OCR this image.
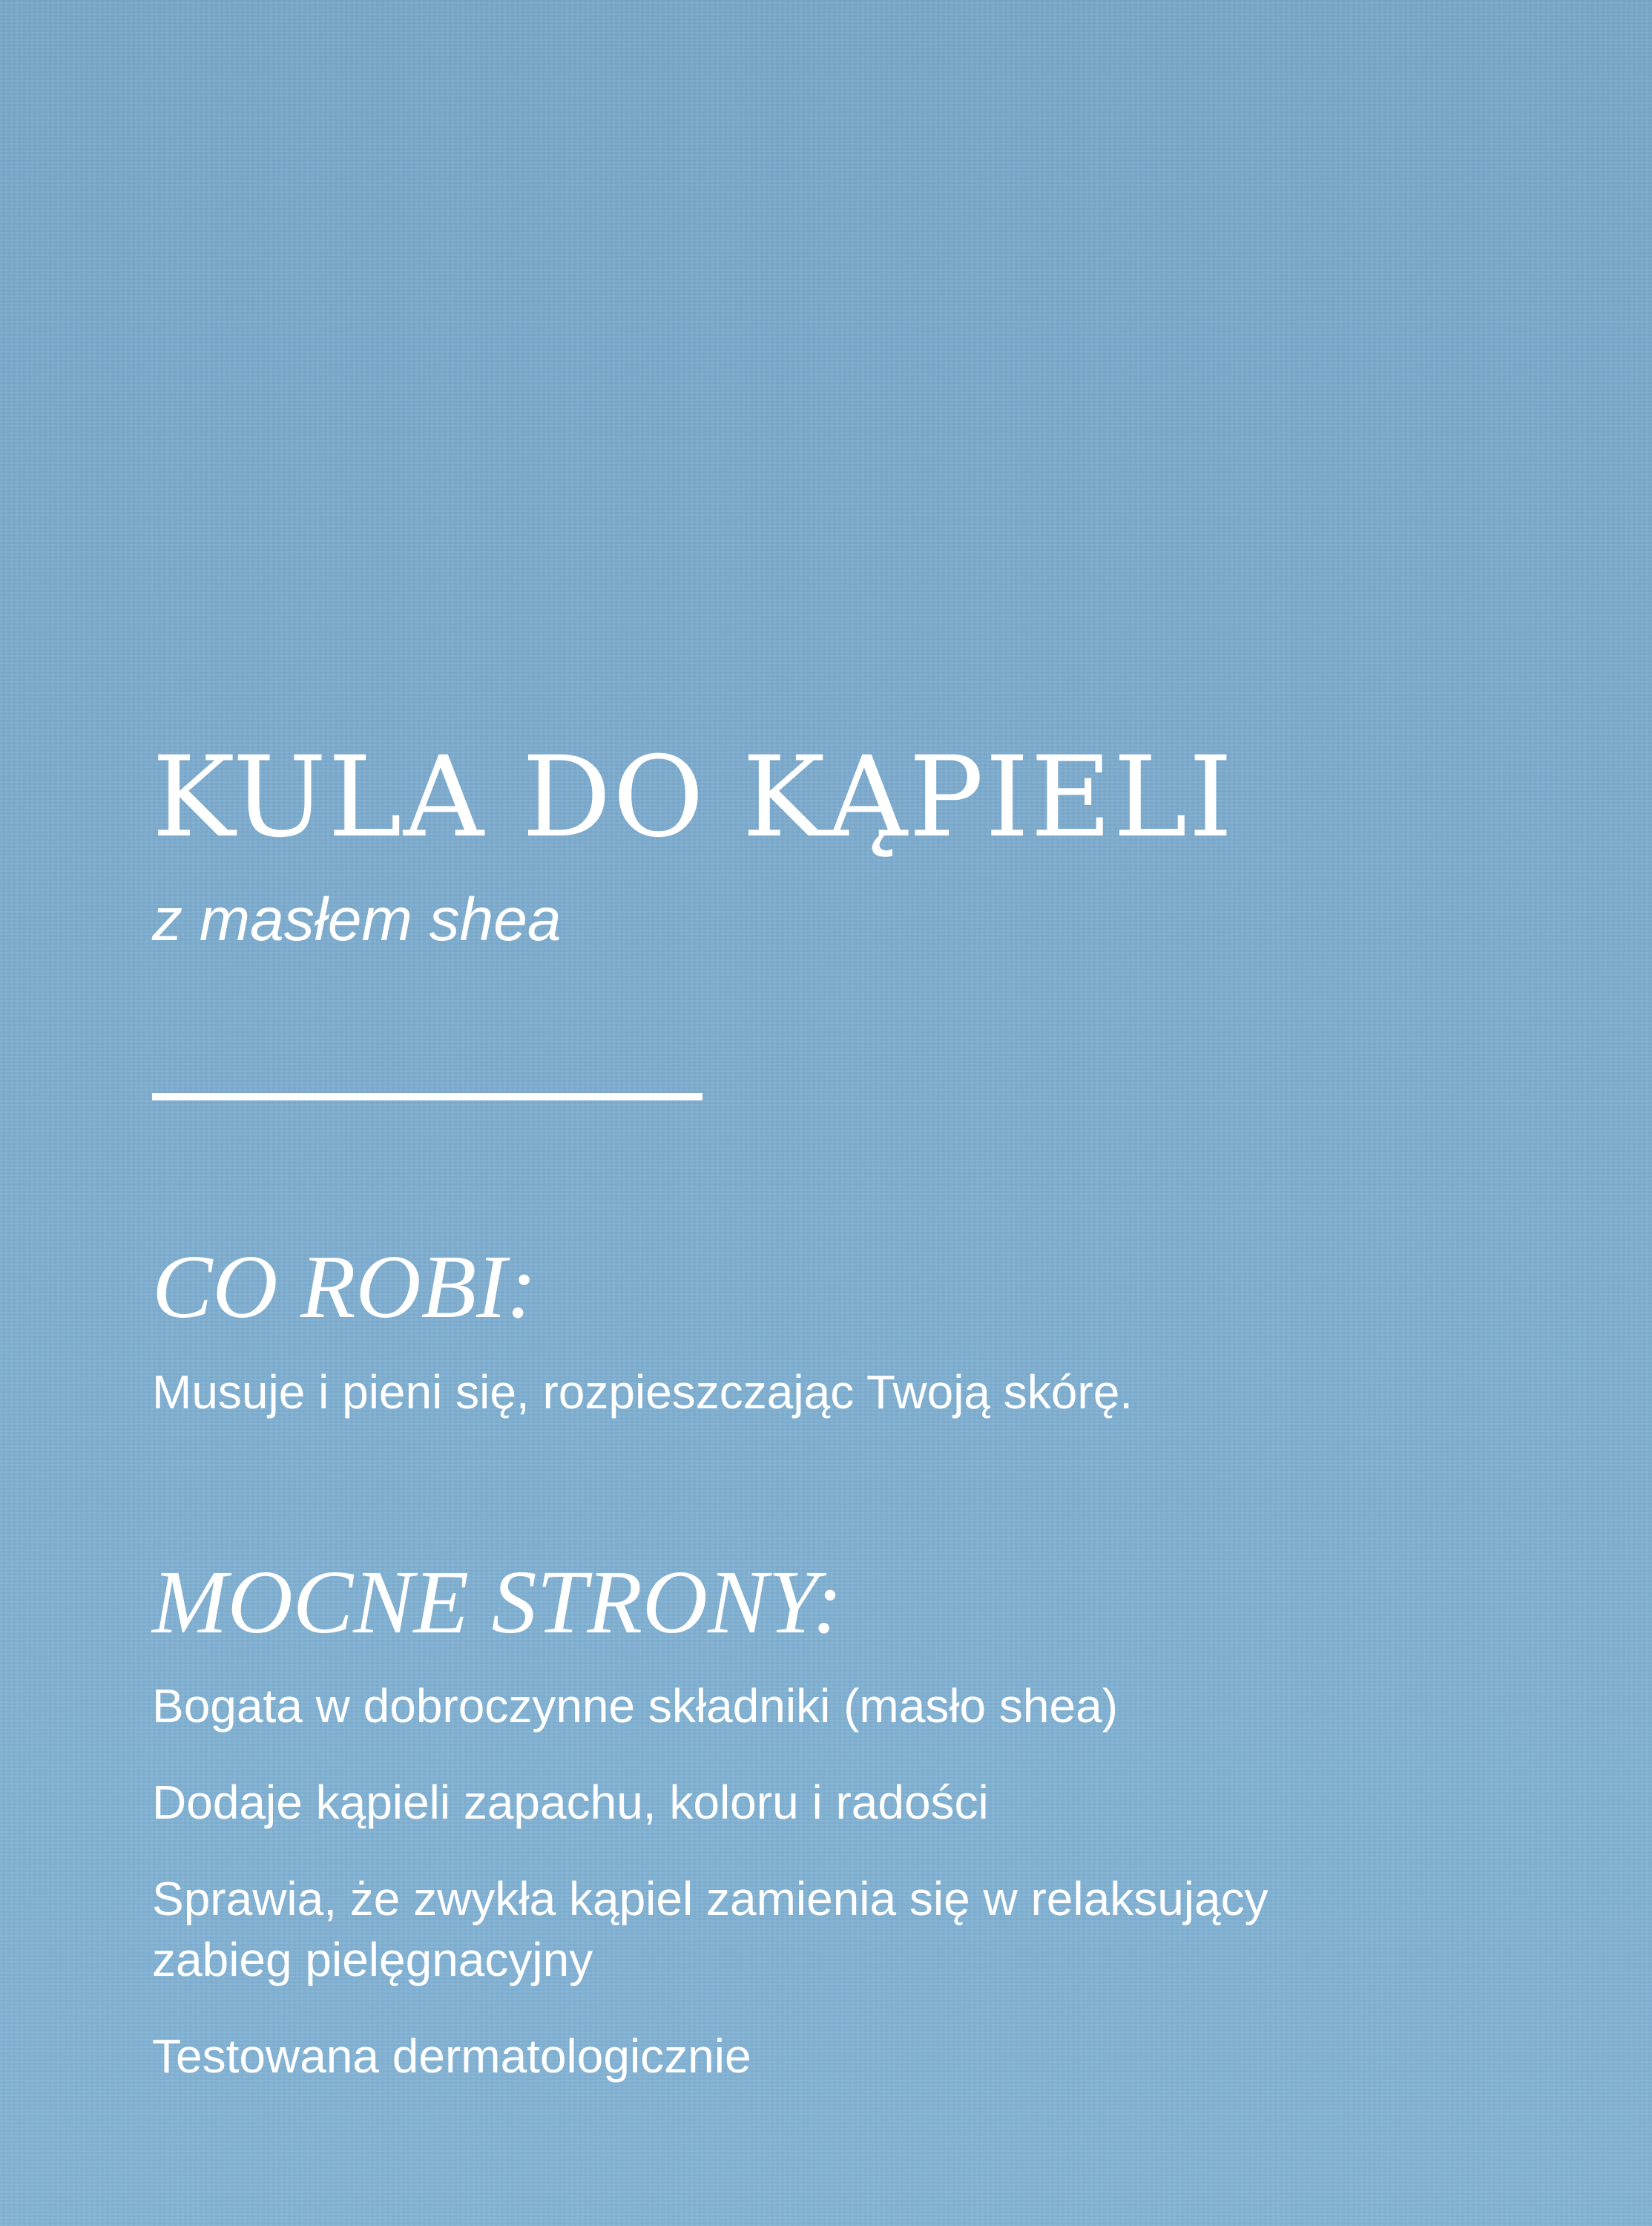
KULA DO KĄPIELI

z masłem shea

CO ROBI:

Musuje i pieni się, rozpieszczając Twoją skórę.

MOCNE STRONY:
Bogata w dobroczynne składniki (masło shea)
Dodaje kąpieli zapachu, koloru i radości
Sprawia, że zwykła kąpiel zamienia się w relaksujący
zabieg pielęgnacyjny
Testowana dermatologicznie
